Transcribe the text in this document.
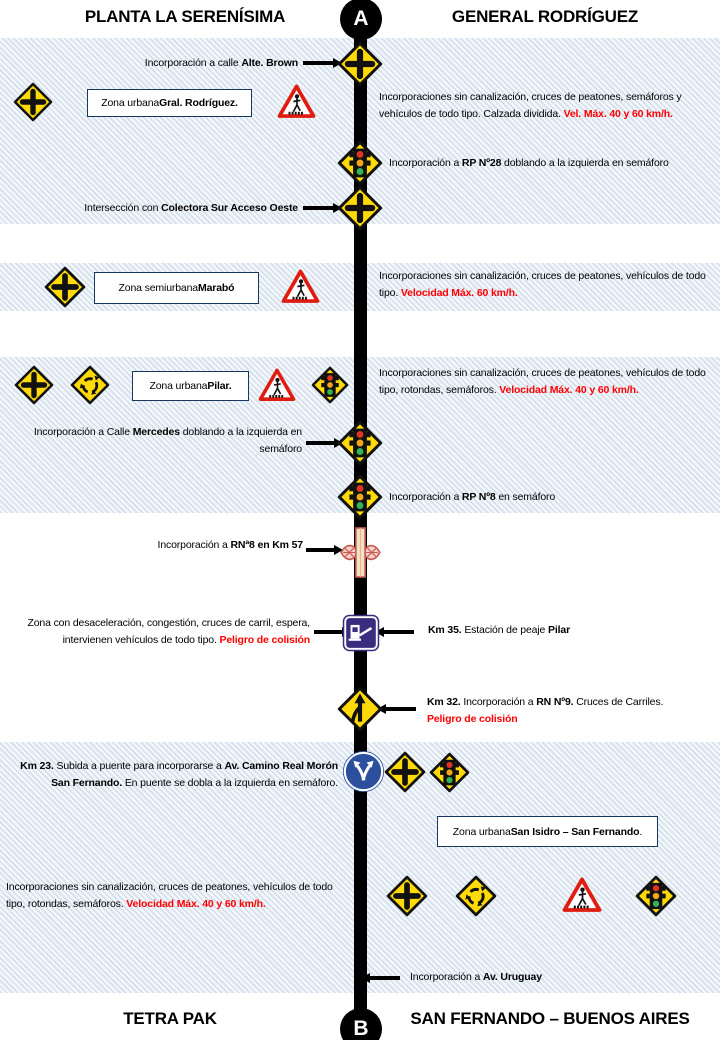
A
B
PLANTA LA SERENÍSIMA	GENERAL RODRÍGUEZ
TETRA PAK	SAN FERNANDO – BUENOS AIRES
Incorporación a calle Alte. Brown
Zona urbana Gral. Rodríguez.	Incorporaciones sin canalización, cruces de peatones, semáforos y vehículos de todo tipo. Calzada dividida. Vel. Máx. 40 y 60 km/h.
Incorporación a RP Nº28 doblando a la izquierda en semáforo
Intersección con Colectora Sur Acceso Oeste
Zona semiurbana Marabó
Incorporaciones sin canalización, cruces de peatones, vehículos de todo tipo. Velocidad Máx. 60 km/h.
Zona urbana Pilar.
Incorporaciones sin canalización, cruces de peatones, vehículos de todo tipo, rotondas, semáforos. Velocidad Máx. 40 y 60 km/h.
Incorporación a Calle Mercedes doblando a la izquierda en semáforo
Incorporación a RP Nº8 en semáforo
Incorporación a RNª8 en Km 57
Zona con desaceleración, congestión, cruces de carril, espera, intervienen vehículos de todo tipo. Peligro de colisión
Km 35. Estación de peaje Pilar
Km 32. Incorporación a RN Nº9. Cruces de Carriles.
Peligro de colisión
Km 23. Subida a puente para incorporarse a Av. Camino Real Morón San Fernando. En puente se dobla a la izquierda en semáforo.
Zona urbana San Isidro – San Fernando .
Incorporaciones sin canalización, cruces de peatones, vehículos de todo tipo, rotondas, semáforos. Velocidad Máx. 40 y 60 km/h.
Incorporación a Av. Uruguay
